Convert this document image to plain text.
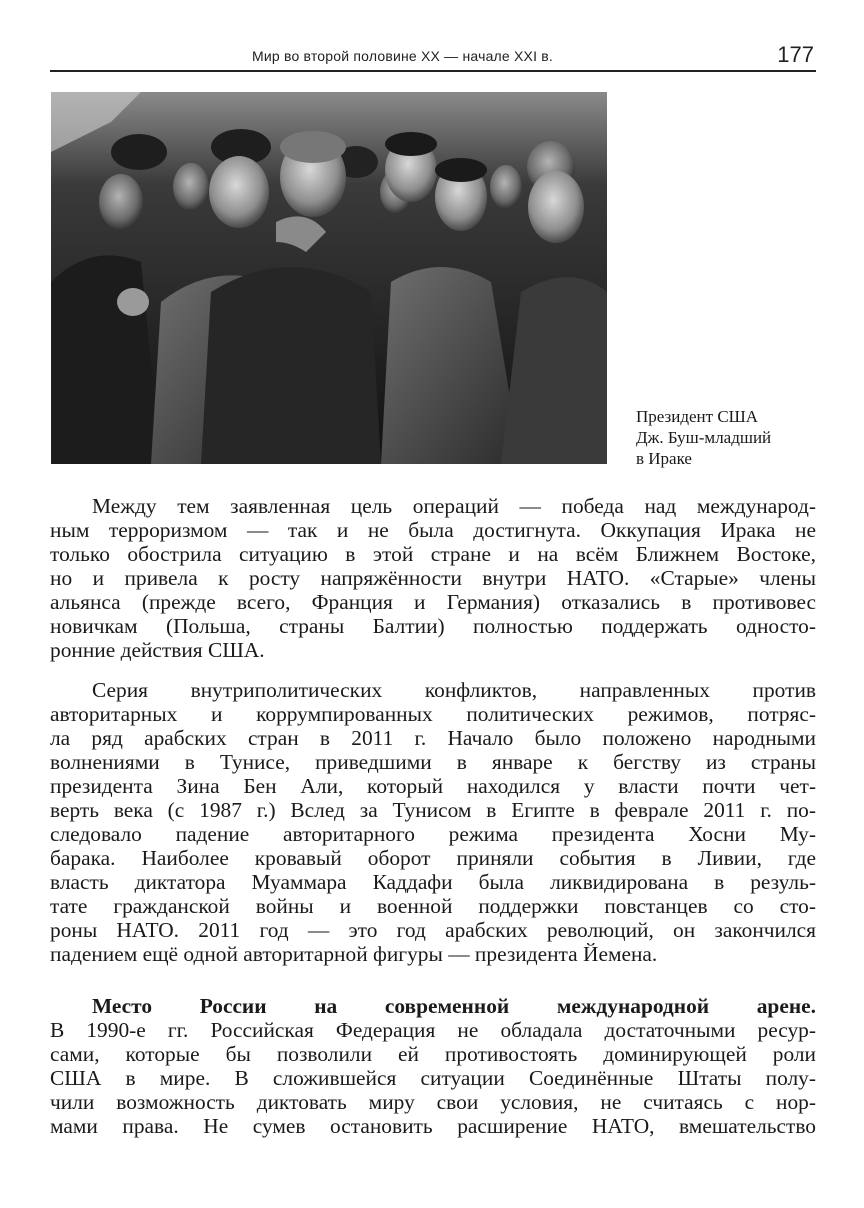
Мир во второй половине XX — начале XXI в.	177
Президент США
Дж. Буш-младший
в Ираке
Между тем заявленная цель операций — победа над международ-
ным терроризмом — так и не была достигнута. Оккупация Ирака не
только обострила ситуацию в этой стране и на всём Ближнем Востоке,
но и привела к росту напряжённости внутри НАТО. «Старые» члены
альянса (прежде всего, Франция и Германия) отказались в противовес
новичкам (Польша, страны Балтии) полностью поддержать односто-
ронние действия США.
Серия внутриполитических конфликтов, направленных против
авторитарных и коррумпированных политических режимов, потряс-
ла ряд арабских стран в 2011 г. Начало было положено народными
волнениями в Тунисе, приведшими в январе к бегству из страны
президента Зина Бен Али, который находился у власти почти чет-
верть века (с 1987 г.) Вслед за Тунисом в Египте в феврале 2011 г. по-
следовало падение авторитарного режима президента Хосни Му-
барака. Наиболее кровавый оборот приняли события в Ливии, где
власть диктатора Муаммара Каддафи была ликвидирована в резуль-
тате гражданской войны и военной поддержки повстанцев со сто-
роны НАТО. 2011 год — это год арабских революций, он закончился
падением ещё одной авторитарной фигуры — президента Йемена.
Место России на современной международной арене.
В 1990-е гг. Российская Федерация не обладала достаточными ресур-
сами, которые бы позволили ей противостоять доминирующей роли
США в мире. В сложившейся ситуации Соединённые Штаты полу-
чили возможность диктовать миру свои условия, не считаясь с нор-
мами права. Не сумев остановить расширение НАТО, вмешательство
